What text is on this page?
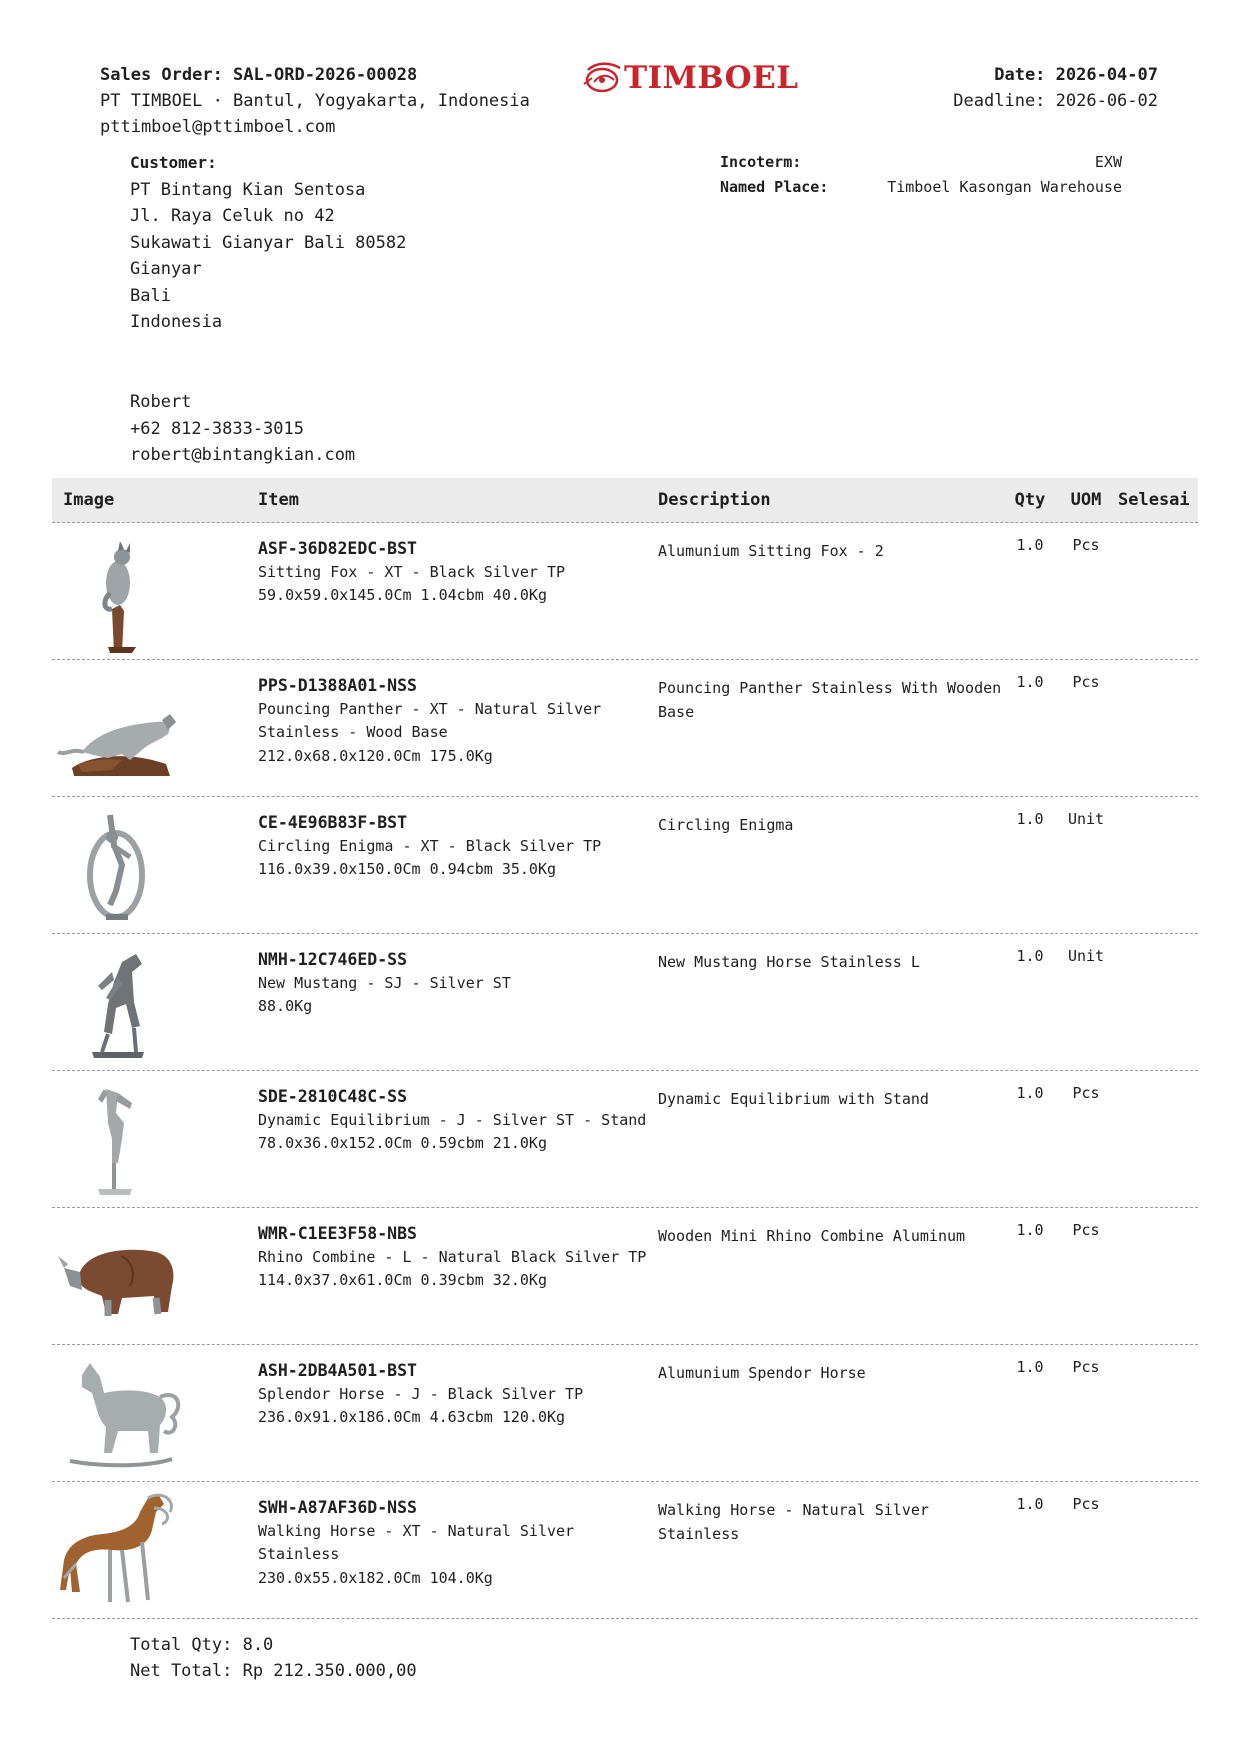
Sales Order: SAL-ORD-2026-00028
PT TIMBOEL · Bantul, Yogyakarta, Indonesia
pttimboel@pttimboel.com
TIMBOEL	Date: 2026-04-07
Deadline: 2026-06-02
Customer:
PT Bintang Kian Sentosa
Jl. Raya Celuk no 42
Sukawati Gianyar Bali 80582
Gianyar
Bali
Indonesia
Robert
+62 812-3833-3015
robert@bintangkian.com
Incoterm:	EXW
Named Place:	Timboel Kasongan Warehouse
Image	Item	Description	Qty	UOM Selesai
ASF-36D82EDC-BST
Sitting Fox - XT - Black Silver TP
59.0x59.0x145.0Cm 1.04cbm 40.0Kg
Alumunium Sitting Fox - 2	1.0	Pcs
PPS-D1388A01-NSS
Pouncing Panther - XT - Natural Silver Stainless - Wood Base
212.0x68.0x120.0Cm 175.0Kg
Pouncing Panther Stainless With Wooden Base
1.0	Pcs
CE-4E96B83F-BST
Circling Enigma - XT - Black Silver TP
116.0x39.0x150.0Cm 0.94cbm 35.0Kg
Circling Enigma	1.0	Unit
NMH-12C746ED-SS
New Mustang - SJ - Silver ST
88.0Kg
New Mustang Horse Stainless L	1.0	Unit
SDE-2810C48C-SS
Dynamic Equilibrium - J - Silver ST - Stand
78.0x36.0x152.0Cm 0.59cbm 21.0Kg
Dynamic Equilibrium with Stand	1.0	Pcs
WMR-C1EE3F58-NBS
Rhino Combine - L - Natural Black Silver TP
114.0x37.0x61.0Cm 0.39cbm 32.0Kg
Wooden Mini Rhino Combine Aluminum	1.0	Pcs
ASH-2DB4A501-BST
Splendor Horse - J - Black Silver TP
236.0x91.0x186.0Cm 4.63cbm 120.0Kg
Alumunium Spendor Horse	1.0	Pcs
SWH-A87AF36D-NSS
Walking Horse - XT - Natural Silver Stainless
230.0x55.0x182.0Cm 104.0Kg
Walking Horse - Natural Silver Stainless
1.0	Pcs
Total Qty: 8.0
Net Total: Rp 212.350.000,00
